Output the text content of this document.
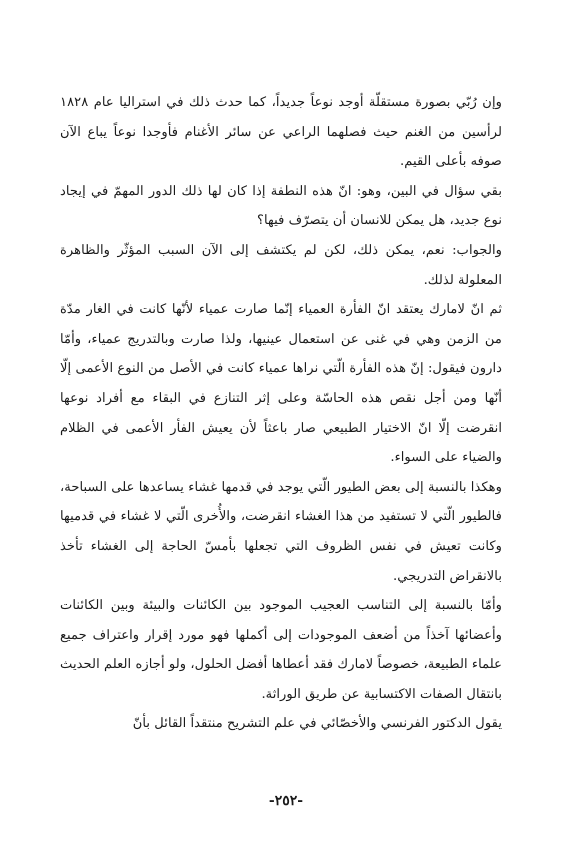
وإن رُبّي بصورة مستقلّة أوجد نوعاً جديداً، كما حدث ذلك في استراليا عام ١٨٢٨ لرأسين من الغنم حيث فصلهما الراعي عن سائر الأغنام فأوجدا نوعاً يباع الآن صوفه بأعلى القيم.

بقي سؤال في البين، وهو: انّ هذه النطفة إذا كان لها ذلك الدور المهمّ في إيجاد نوع جديد، هل يمكن للانسان أن يتصرّف فيها؟

والجواب: نعم، يمكن ذلك، لكن لم يكتشف إلى الآن السبب المؤثّر والظاهرة المعلولة لذلك.

ثم انّ لامارك يعتقد انّ الفأرة العمياء إنّما صارت عمياء لأنّها كانت في الغار مدّة من الزمن وهي في غنى عن استعمال عينيها، ولذا صارت وبالتدريج عمياء، وأمّا دارون فيقول: إنّ هذه الفأرة الّتي نراها عمياء كانت في الأصل من النوع الأعمى إلّا أنّها ومن أجل نقص هذه الحاسّة وعلى إثر التنازع في البقاء مع أفراد نوعها انقرضت إلّا انّ الاختيار الطبيعي صار باعثاً لأن يعيش الفأر الأعمى في الظلام والضياء على السواء.

وهكذا بالنسبة إلى بعض الطيور الّتي يوجد في قدمها غشاء يساعدها على السباحة، فالطيور الّتي لا تستفيد من هذا الغشاء انقرضت، والأُخرى الّتي لا غشاء في قدميها وكانت تعيش في نفس الظروف التي تجعلها بأمسّ الحاجة إلى الغشاء تأخذ بالانقراض التدريجي.

وأمّا بالنسبة إلى التناسب العجيب الموجود بين الكائنات والبيئة وبين الكائنات وأعضائها آخذاً من أضعف الموجودات إلى أكملها فهو مورد إقرار واعتراف جميع علماء الطبيعة، خصوصاً لامارك فقد أعطاها أفضل الحلول، ولو أجازه العلم الحديث بانتقال الصفات الاكتسابية عن طريق الوراثة.

يقول الدكتور الفرنسي والأخصّائي في علم التشريح منتقداً القائل بأنّ

-٢٥٢-
